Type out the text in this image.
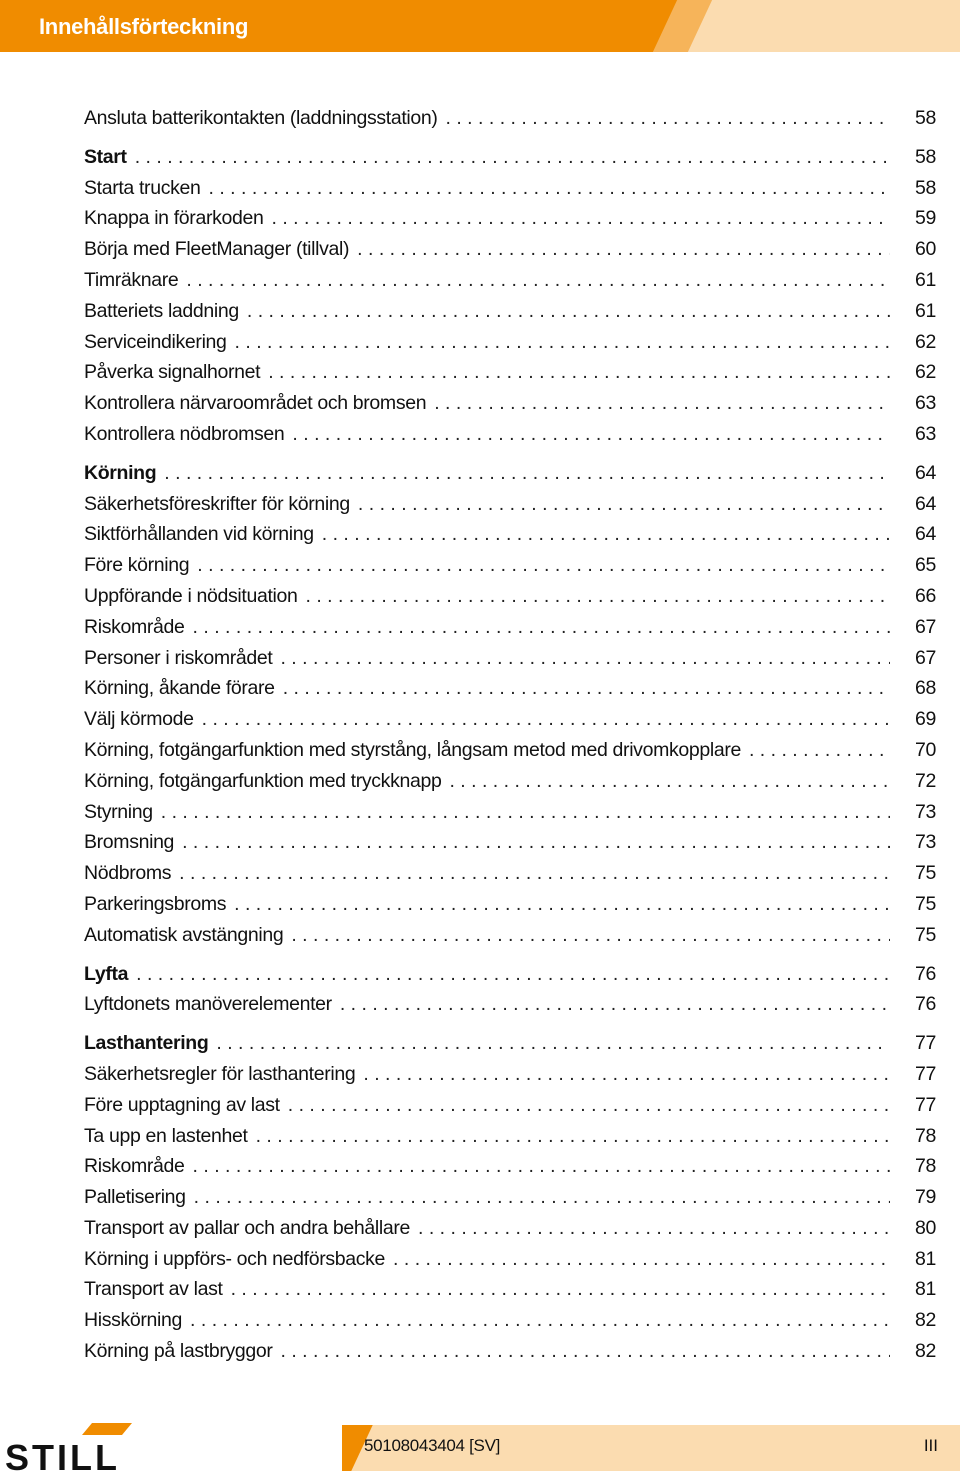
Innehållsförteckning
Ansluta batterikontakten (laddningsstation) . . .	58
Start . . .	58
Starta trucken . . .	58
Knappa in förarkoden . . .	59
Börja med FleetManager (tillval) . . .	60
Timräknare . . .	61
Batteriets laddning . . .	61
Serviceindikering . . .	62
Påverka signalhornet . . .	62
Kontrollera närvaroområdet och bromsen . . .	63
Kontrollera nödbromsen . . .	63
Körning . . .	64
Säkerhetsföreskrifter för körning . . .	64
Siktförhållanden vid körning . . .	64
Före körning . . .	65
Uppförande i nödsituation . . .	66
Riskområde . . .	67
Personer i riskområdet . . .	67
Körning, åkande förare . . .	68
Välj körmode . . .	69
Körning, fotgängarfunktion med styrstång, långsam metod med drivomkopplare . . .	70
Körning, fotgängarfunktion med tryckknapp . . .	72
Styrning . . .	73
Bromsning . . .	73
Nödbroms . . .	75
Parkeringsbroms . . .	75
Automatisk avstängning . . .	75
Lyfta . . .	76
Lyftdonets manöverelementer . . .	76
Lasthantering . . .	77
Säkerhetsregler för lasthantering . . .	77
Före upptagning av last . . .	77
Ta upp en lastenhet . . .	78
Riskområde . . .	78
Palletisering . . .	79
Transport av pallar och andra behållare . . .	80
Körning i uppförs- och nedförsbacke . . .	81
Transport av last . . .	81
Hisskörning . . .	82
Körning på lastbryggor . . .	82
STILL	50108043404 [SV]	III
